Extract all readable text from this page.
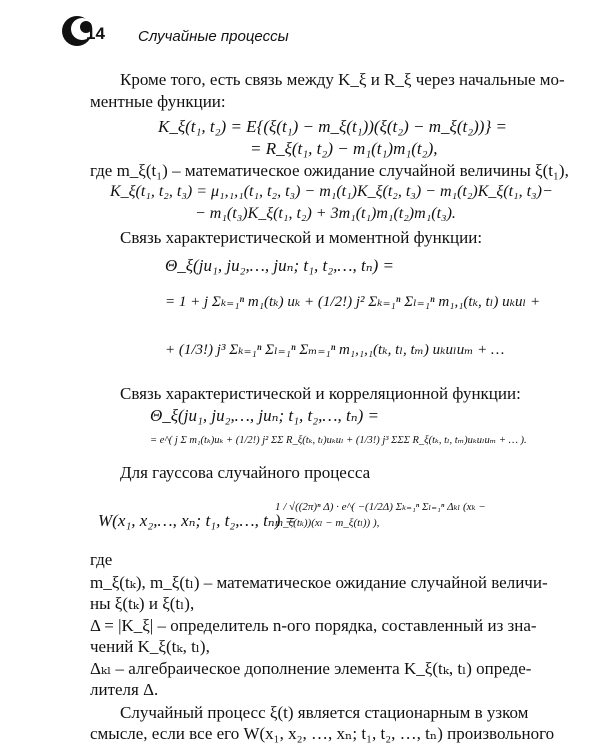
14 Случайные процессы
Кроме того, есть связь между K_ξ и R_ξ через начальные мо-
ментные функции:
K_ξ(t₁, t₂) = E{(ξ(t₁) − m_ξ(t₁))(ξ(t₂) − m_ξ(t₂))} =
= R_ξ(t₁, t₂) − m₁(t₁)m₁(t₂),
где m_ξ(t₁) – математическое ожидание случайной величины ξ(t₁),
K_ξ(t₁, t₂, t₃) = μ₁,₁,₁(t₁, t₂, t₃) − m₁(t₁)K_ξ(t₂, t₃) − m₁(t₂)K_ξ(t₁, t₃)−
− m₁(t₃)K_ξ(t₁, t₂) + 3m₁(t₁)m₁(t₂)m₁(t₃).
Связь характеристической и моментной функции:
Θ_ξ(ju₁, ju₂,…, juₙ; t₁, t₂,…, tₙ) =
= 1 + j Σₖ₌₁ⁿ m₁(tₖ) uₖ + (1/2!) j² Σₖ₌₁ⁿ Σₗ₌₁ⁿ m₁,₁(tₖ, tₗ) uₖuₗ +
+ (1/3!) j³ Σₖ₌₁ⁿ Σₗ₌₁ⁿ Σₘ₌₁ⁿ m₁,₁,₁(tₖ, tₗ, tₘ) uₖuₗuₘ + …
Связь характеристической и корреляционной функции:
Θ_ξ(ju₁, ju₂,…, juₙ; t₁, t₂,…, tₙ) =
= e^( j Σ m₁(tₖ)uₖ + (1/2!) j² ΣΣ R_ξ(tₖ, tₗ)uₖuₗ + (1/3!) j³ ΣΣΣ R_ξ(tₖ, tₗ, tₘ)uₖuₗuₘ + … ).
Для гауссова случайного процесса
W(x₁, x₂,…, xₙ; t₁, t₂,…, tₙ) =
1 / √((2π)ⁿ Δ) · e^( −(1/2Δ) Σₖ₌₁ⁿ Σₗ₌₁ⁿ Δₖₗ (xₖ − m_ξ(tₖ))(xₗ − m_ξ(tₗ)) ),
где
m_ξ(tₖ), m_ξ(tₗ) – математическое ожидание случайной величи-
ны ξ(tₖ) и ξ(tₗ),
Δ = |K_ξ| – определитель n-ого порядка, составленный из зна-
чений K_ξ(tₖ, tₗ),
Δₖₗ – алгебраическое дополнение элемента K_ξ(tₖ, tₗ) опреде-
лителя Δ.
Случайный процесс ξ(t) является стационарным в узком
смысле, если все его W(x₁, x₂, …, xₙ; t₁, t₂, …, tₙ) произвольного
